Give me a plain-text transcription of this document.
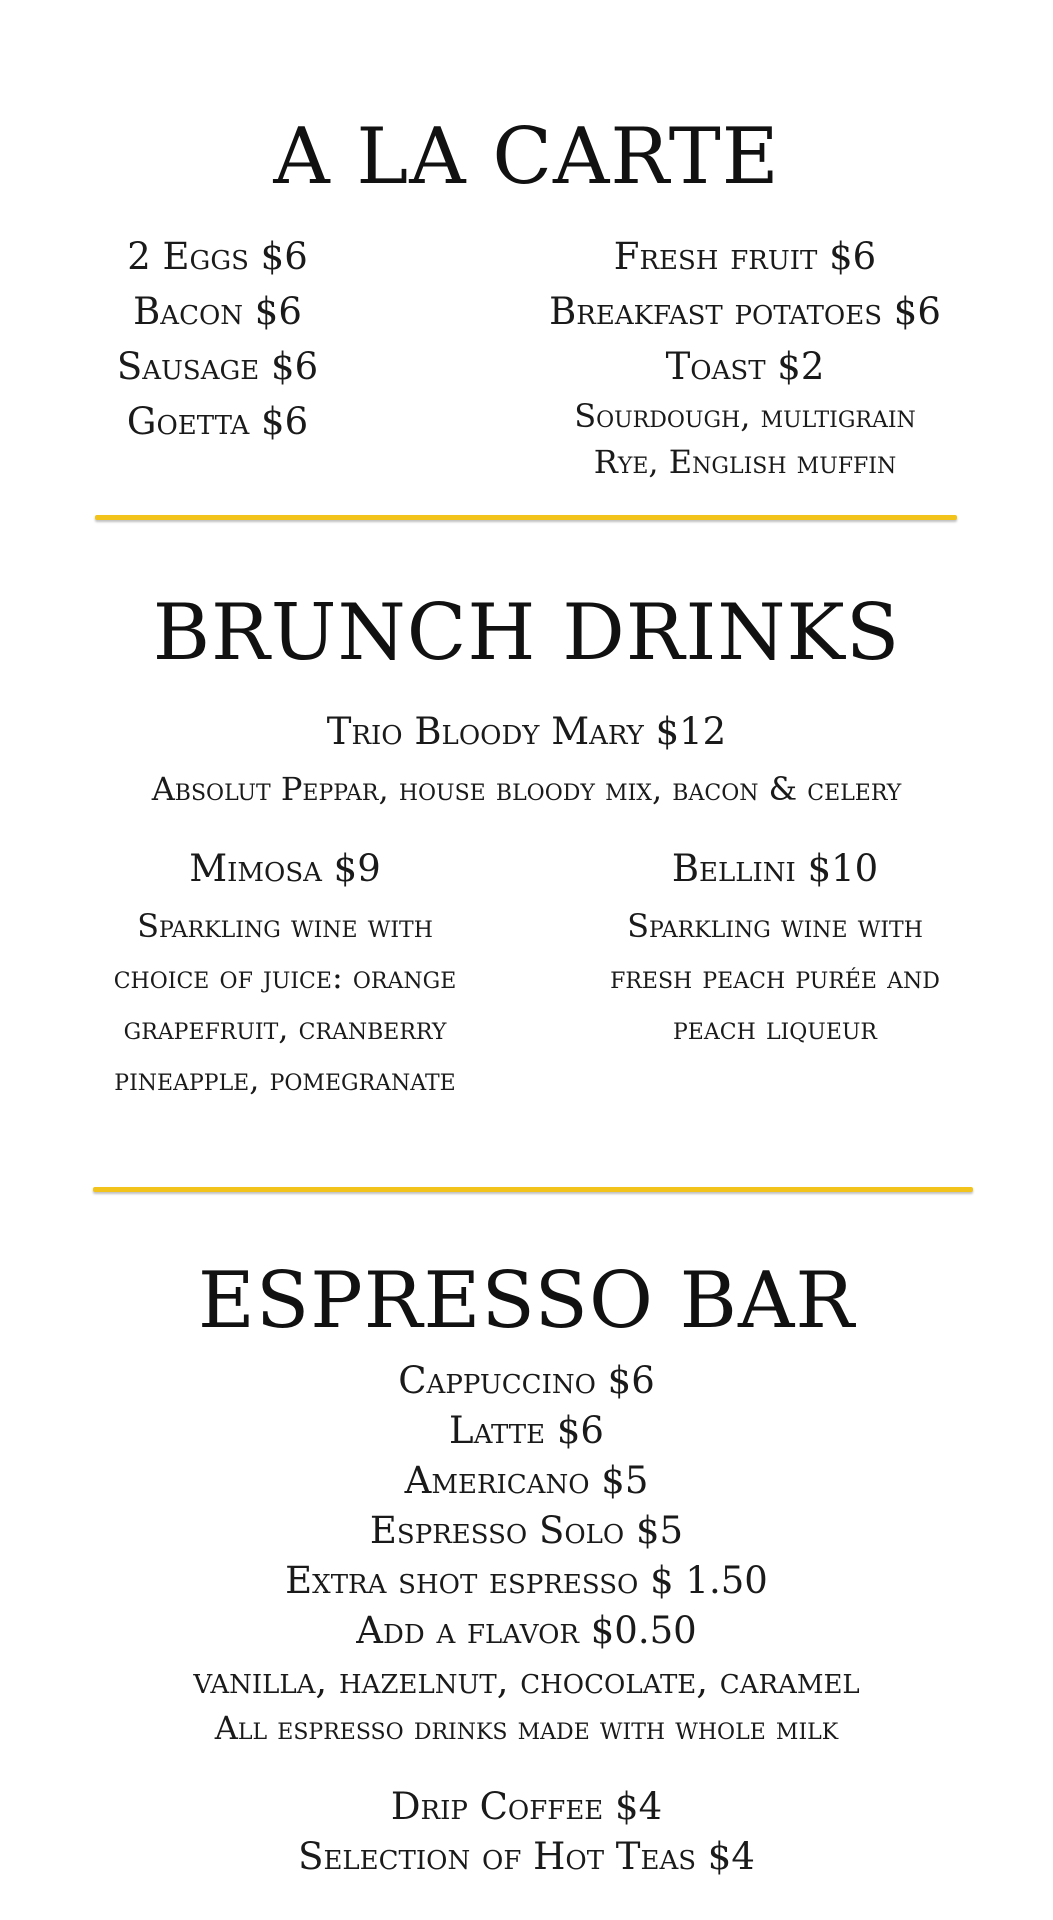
A LA CARTE
2 Eggs $6
Bacon $6
Sausage $6
Goetta $6
Fresh fruit $6
Breakfast potatoes $6
Toast $2
Sourdough, multigrain
Rye, English muffin
BRUNCH DRINKS
Trio Bloody Mary $12
Absolut Peppar, house bloody mix, bacon & celery
Mimosa $9
Sparkling wine with
choice of juice: orange
grapefruit, cranberry
pineapple, pomegranate
Bellini $10
Sparkling wine with
fresh peach purée and
peach liqueur
ESPRESSO BAR
Cappuccino $6
Latte $6
Americano $5
Espresso Solo $5
Extra shot espresso $ 1.50
Add a flavor $0.50
vanilla, hazelnut, chocolate, caramel
All espresso drinks made with whole milk
Drip Coffee $4
Selection of Hot Teas $4
